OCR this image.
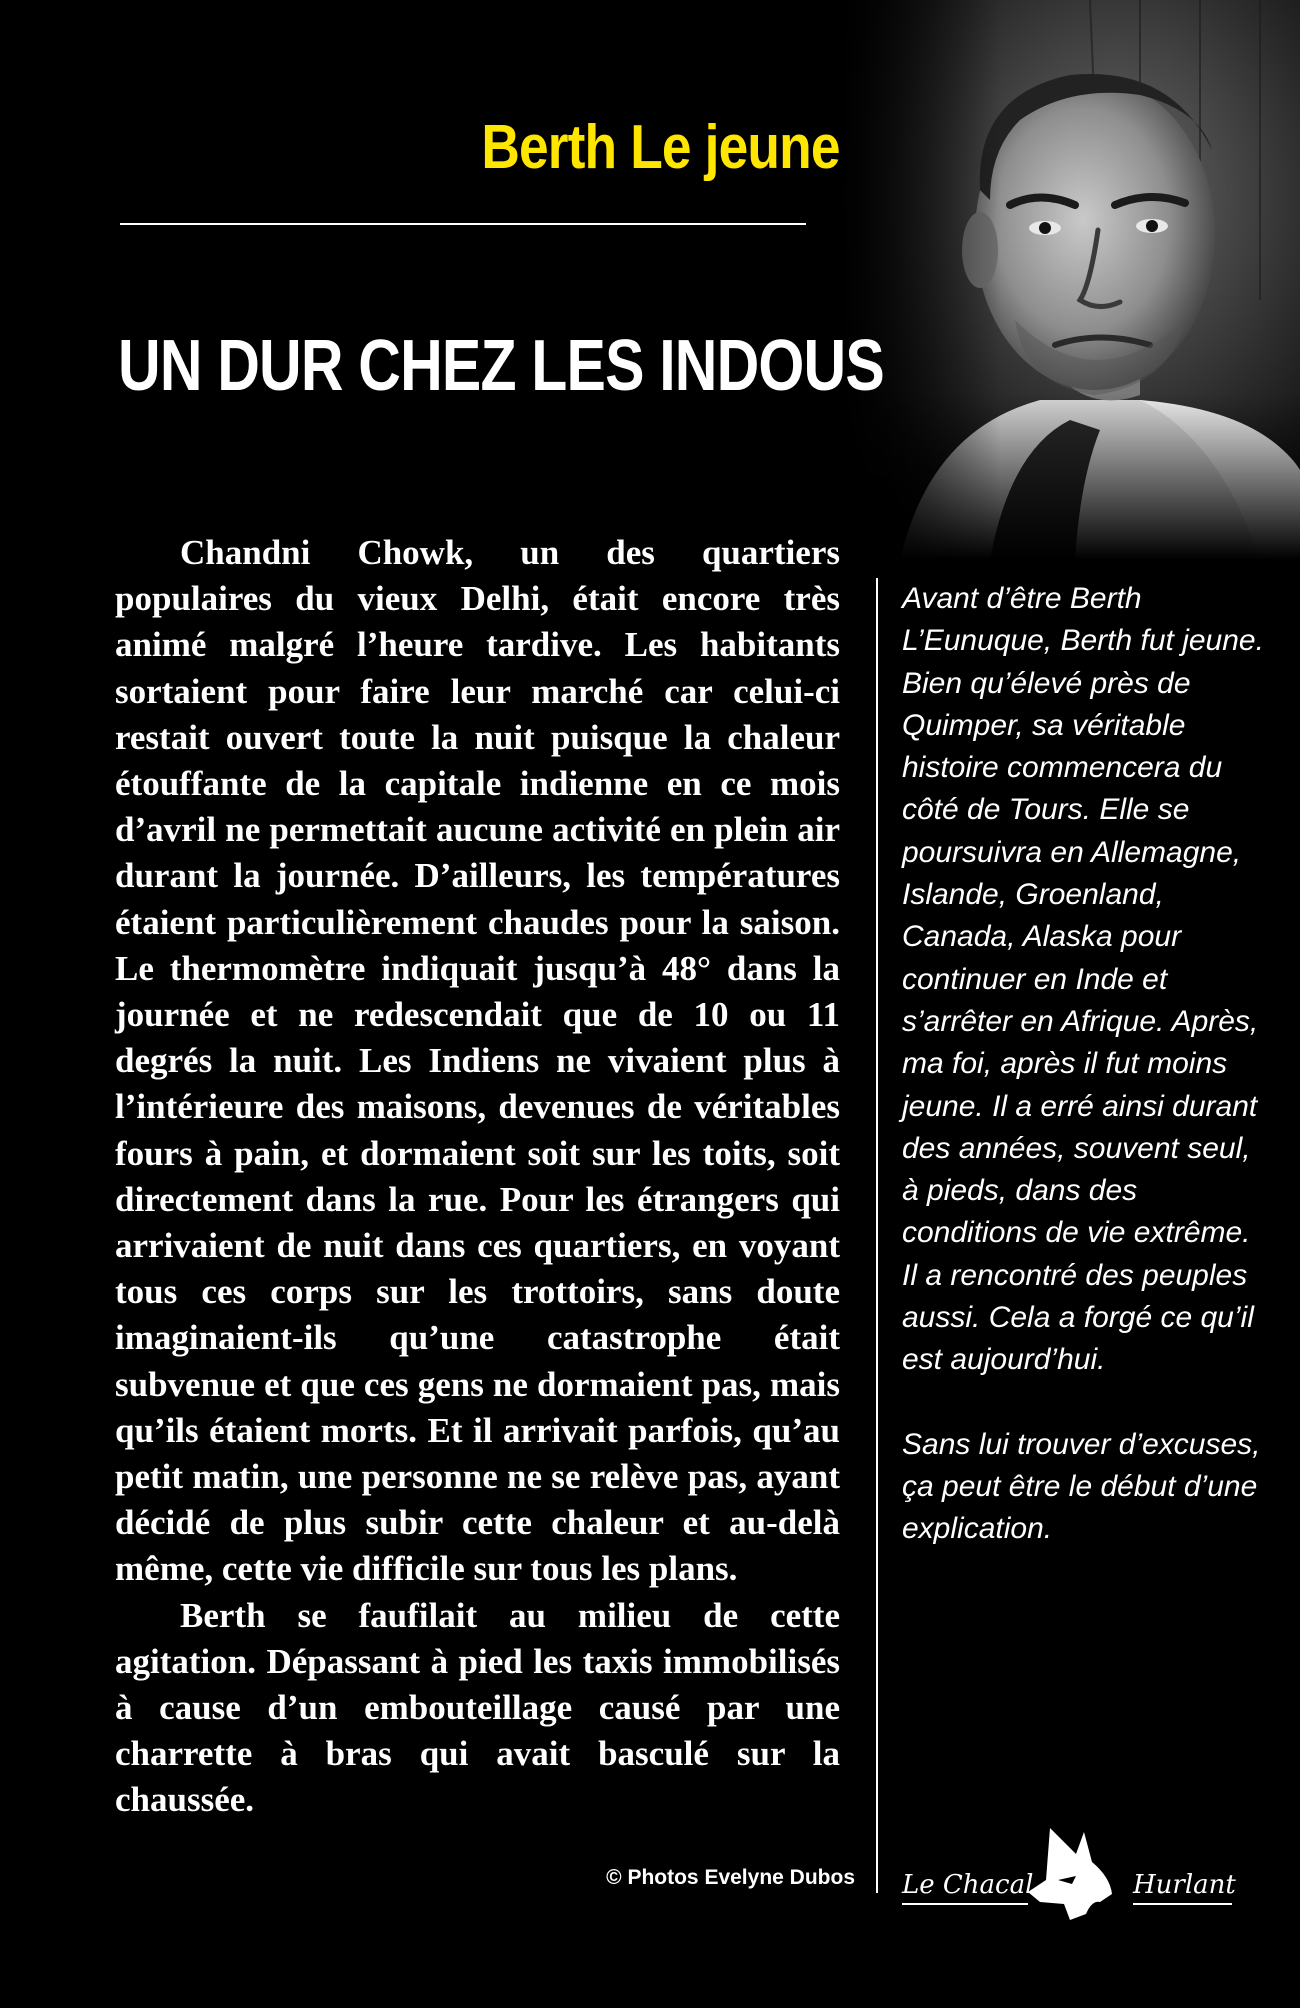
Berth Le jeune
UN DUR CHEZ LES INDOUS

Chandni Chowk, un des quartiers populaires du vieux Delhi, était encore très animé malgré l’heure tardive. Les habitants sortaient pour faire leur marché car celui-ci restait ouvert toute la nuit puisque la chaleur étouffante de la capitale indienne en ce mois d’avril ne permettait aucune activité en plein air durant la journée. D’ailleurs, les températures étaient particulièrement chaudes pour la saison. Le thermomètre indiquait jusqu’à 48° dans la journée et ne redescendait que de 10 ou 11 degrés la nuit. Les Indiens ne vivaient plus à l’intérieure des maisons, devenues de véritables fours à pain, et dormaient soit sur les toits, soit directement dans la rue. Pour les étrangers qui arrivaient de nuit dans ces quartiers, en voyant tous ces corps sur les trottoirs, sans doute imaginaient-ils qu’une catastrophe était subvenue et que ces gens ne dormaient pas, mais qu’ils étaient morts. Et il arrivait parfois, qu’au petit matin, une personne ne se relève pas, ayant décidé de plus subir cette chaleur et au-delà même, cette vie difficile sur tous les plans.

Berth se faufilait au milieu de cette agitation. Dépassant à pied les taxis immobilisés à cause d’un embouteillage causé par une charrette à bras qui avait basculé sur la chaussée.

Avant d’être Berth L’Eunuque, Berth fut jeune. Bien qu’élevé près de Quimper, sa véritable histoire commencera du côté de Tours. Elle se poursuivra en Allemagne, Islande, Groenland, Canada, Alaska pour continuer en Inde et s’arrêter en Afrique. Après, ma foi, après il fut moins jeune. Il a erré ainsi durant des années, souvent seul, à pieds, dans des conditions de vie extrême. Il a rencontré des peuples aussi. Cela a forgé ce qu’il est aujourd’hui.

Sans lui trouver d’excuses, ça peut être le début d’une explication.

© Photos Evelyne Dubos Le Chacal	Hurlant
